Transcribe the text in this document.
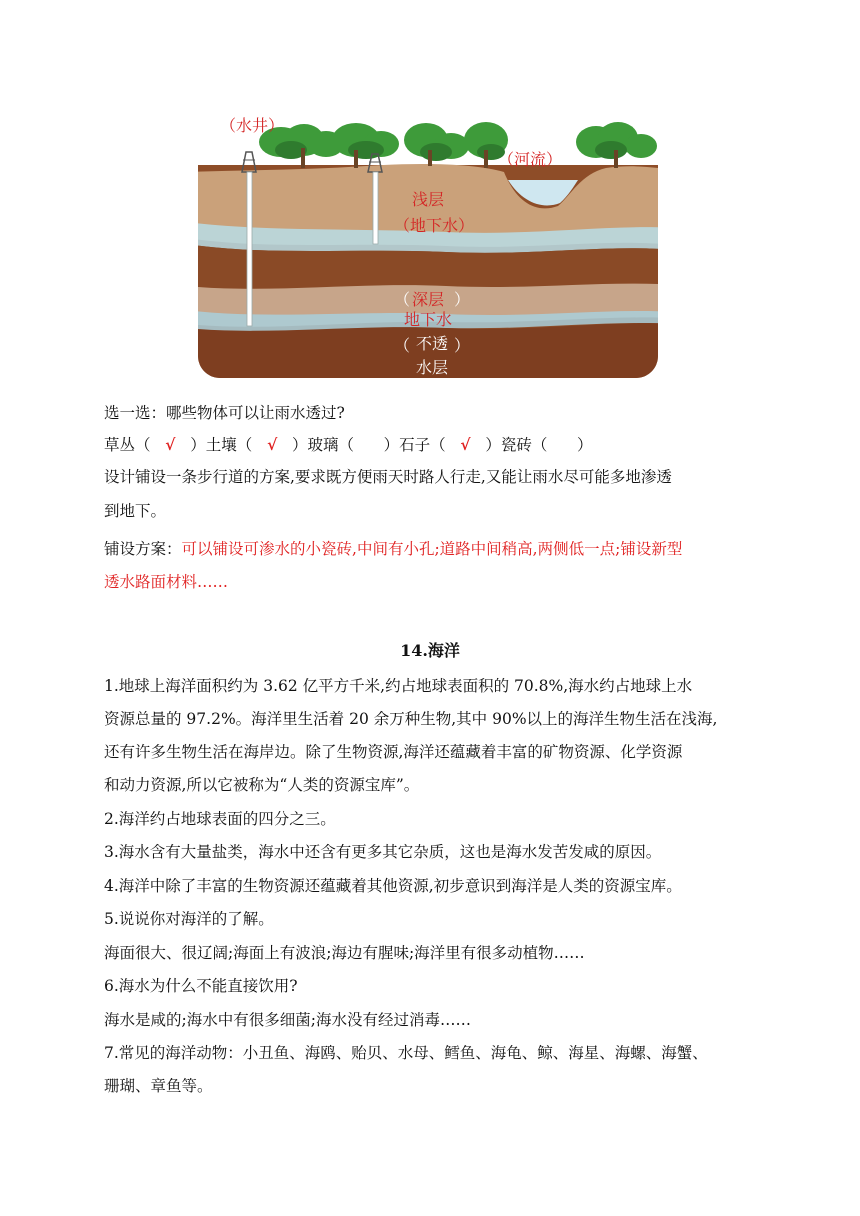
（水井）
（河流）
浅层
（地下水）
（ 深层 ）
地下水
（ 不透 ）
水层
选一选：哪些物体可以让雨水透过?
草丛（   √   ）土壤（   √   ）玻璃（      ）石子（   √   ）瓷砖（      ）
设计铺设一条步行道的方案,要求既方便雨天时路人行走,又能让雨水尽可能多地渗透
到地下。
铺设方案：可以铺设可渗水的小瓷砖,中间有小孔;道路中间稍高,两侧低一点;铺设新型
透水路面材料……
14.海洋
1.地球上海洋面积约为 3.62 亿平方千米,约占地球表面积的 70.8%,海水约占地球上水
资源总量的 97.2%。海洋里生活着 20 余万种生物,其中 90%以上的海洋生物生活在浅海,
还有许多生物生活在海岸边。除了生物资源,海洋还蕴藏着丰富的矿物资源、化学资源
和动力资源,所以它被称为“人类的资源宝库”。
2.海洋约占地球表面的四分之三。
3.海水含有大量盐类，海水中还含有更多其它杂质，这也是海水发苦发咸的原因。
4.海洋中除了丰富的生物资源还蕴藏着其他资源,初步意识到海洋是人类的资源宝库。
5.说说你对海洋的了解。
海面很大、很辽阔;海面上有波浪;海边有腥味;海洋里有很多动植物……
6.海水为什么不能直接饮用?
海水是咸的;海水中有很多细菌;海水没有经过消毒……
7.常见的海洋动物：小丑鱼、海鸥、贻贝、水母、鳕鱼、海龟、鲸、海星、海螺、海蟹、
珊瑚、章鱼等。
